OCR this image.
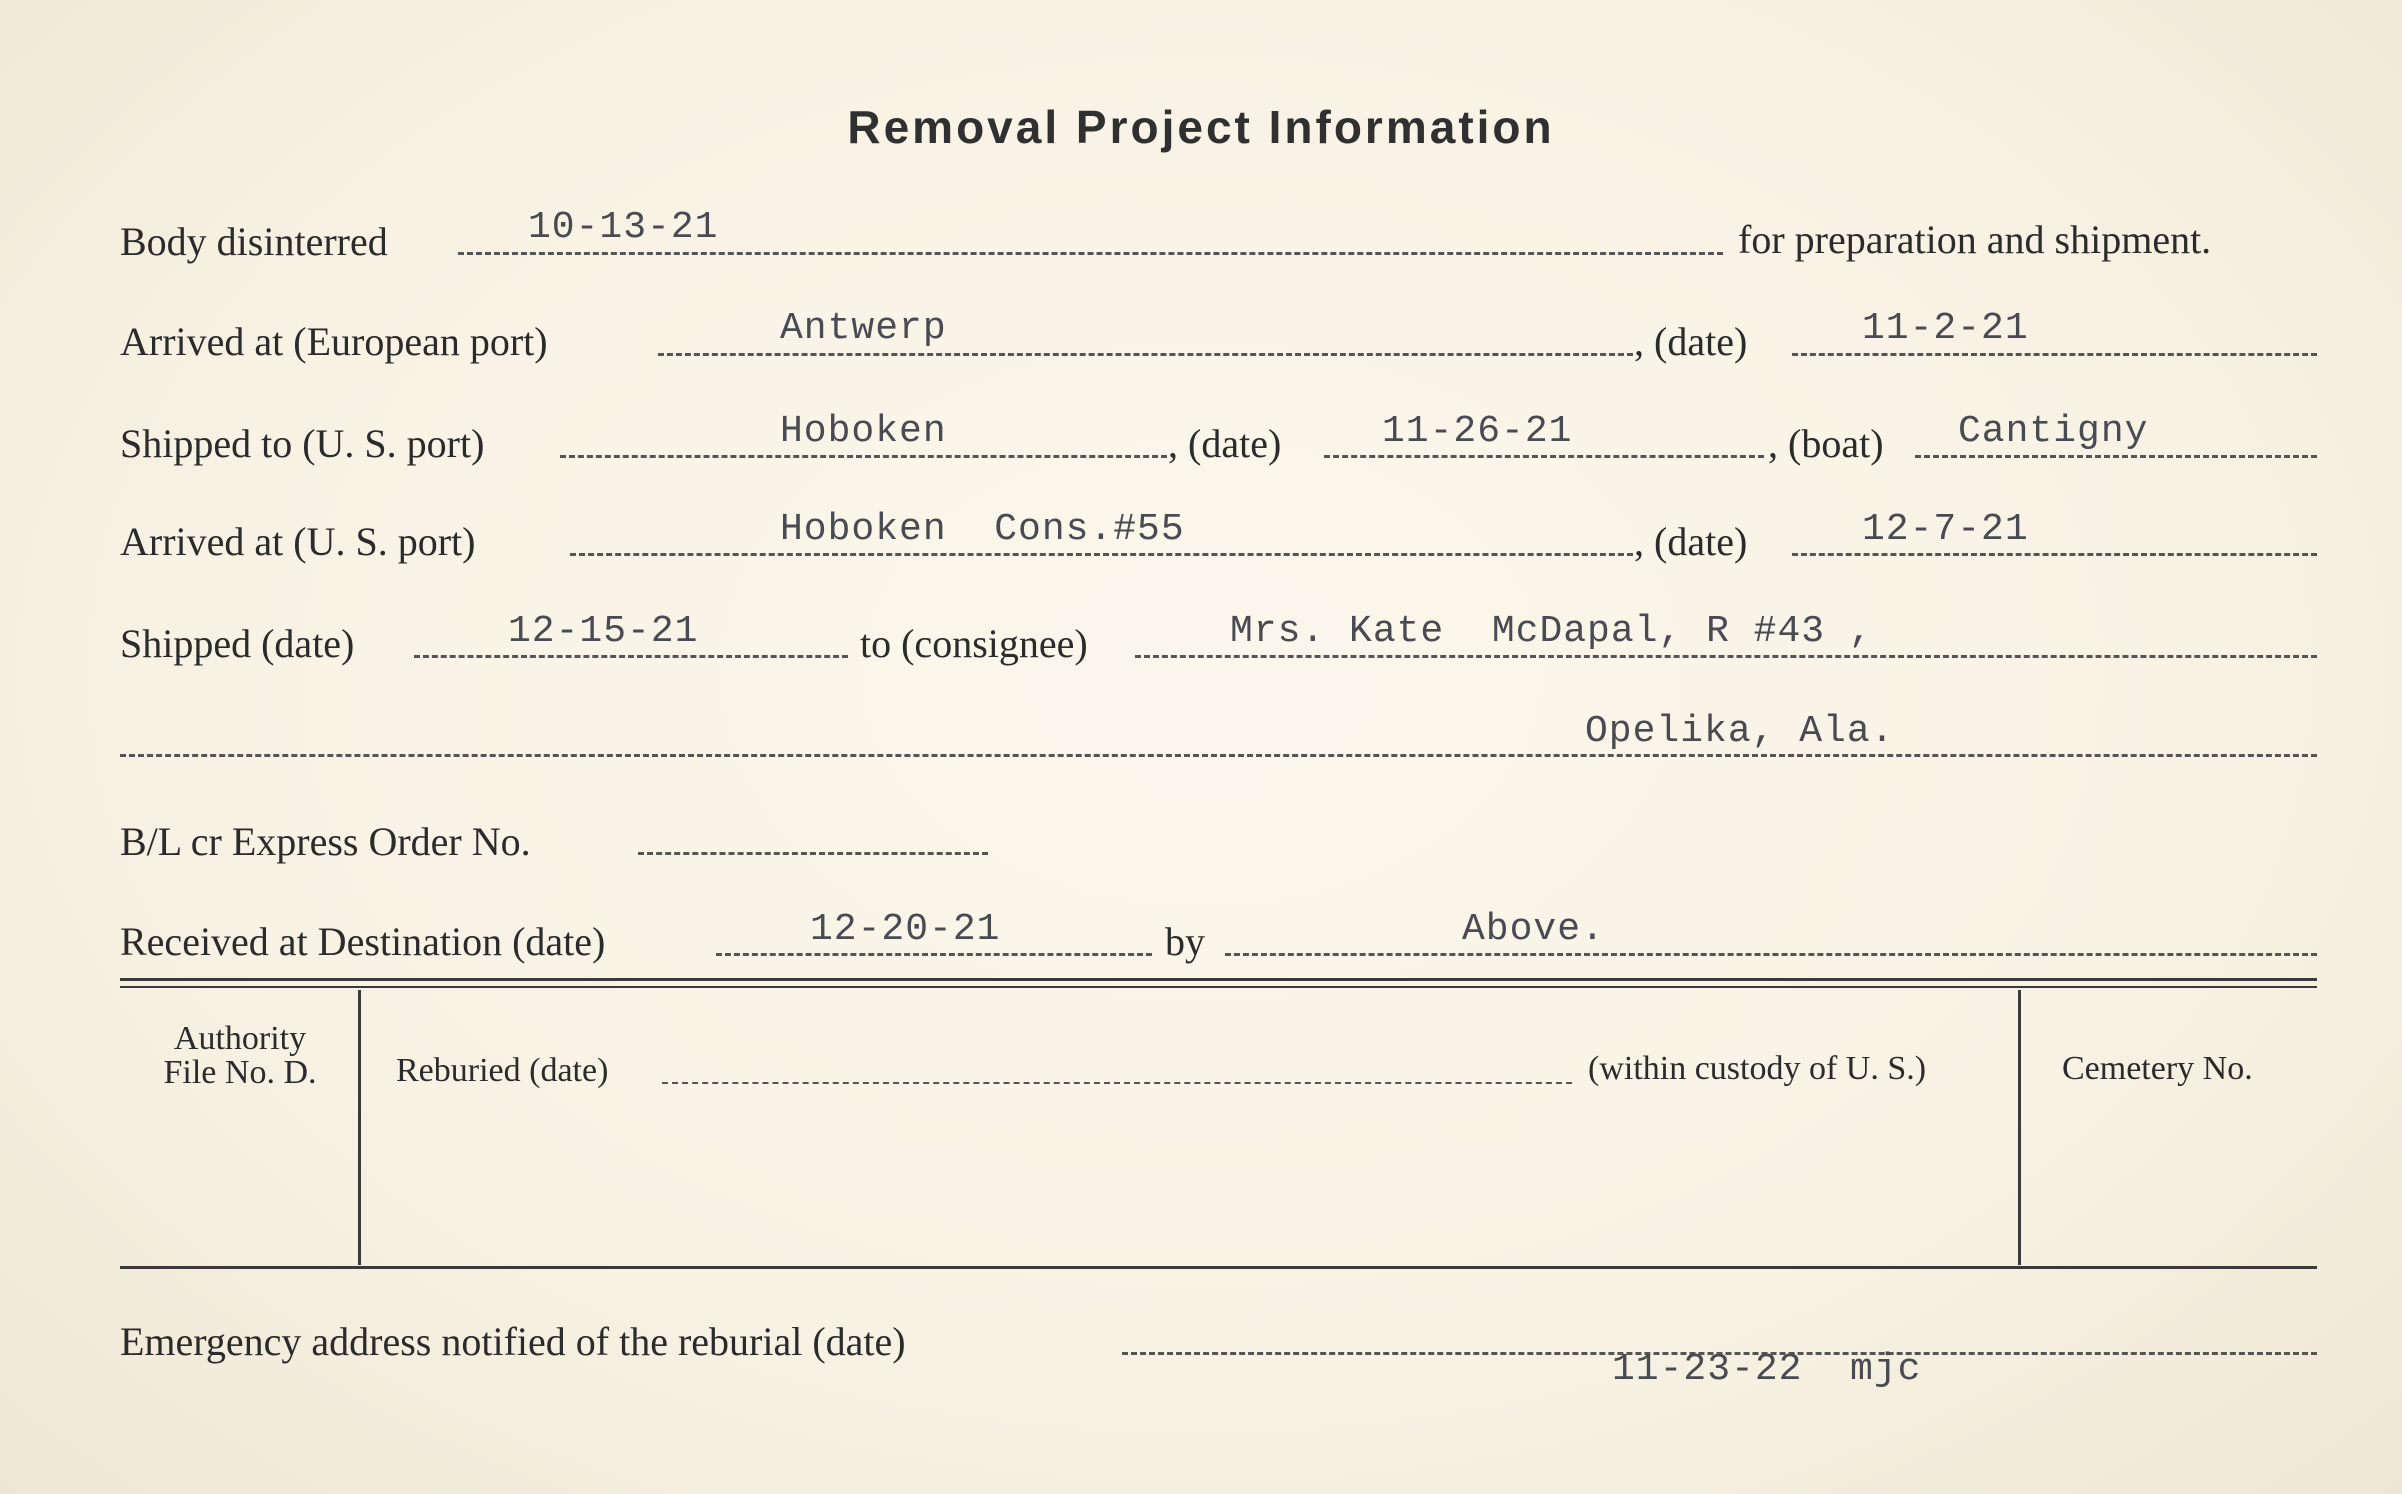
Removal Project Information
Body disinterred	10-13-21	for preparation and shipment.
Arrived at (European port)	Antwerp	, (date)	11-2-21
Shipped to (U. S. port)	Hoboken	, (date)	11-26-21	, (boat) Cantigny
Arrived at (U. S. port)	Hoboken  Cons.#55	, (date)	12-7-21
Shipped (date)	12-15-21	to (consignee)	Mrs. Kate  McDapal, R #43 ,
Opelika, Ala.
B/L cr Express Order No.
Received at Destination (date)	12-20-21	by	Above.
Authority
File No. D.	Reburied (date)	(within custody of U. S.)	Cemetery No.
Emergency address notified of the reburial (date)
11-23-22  mjc
